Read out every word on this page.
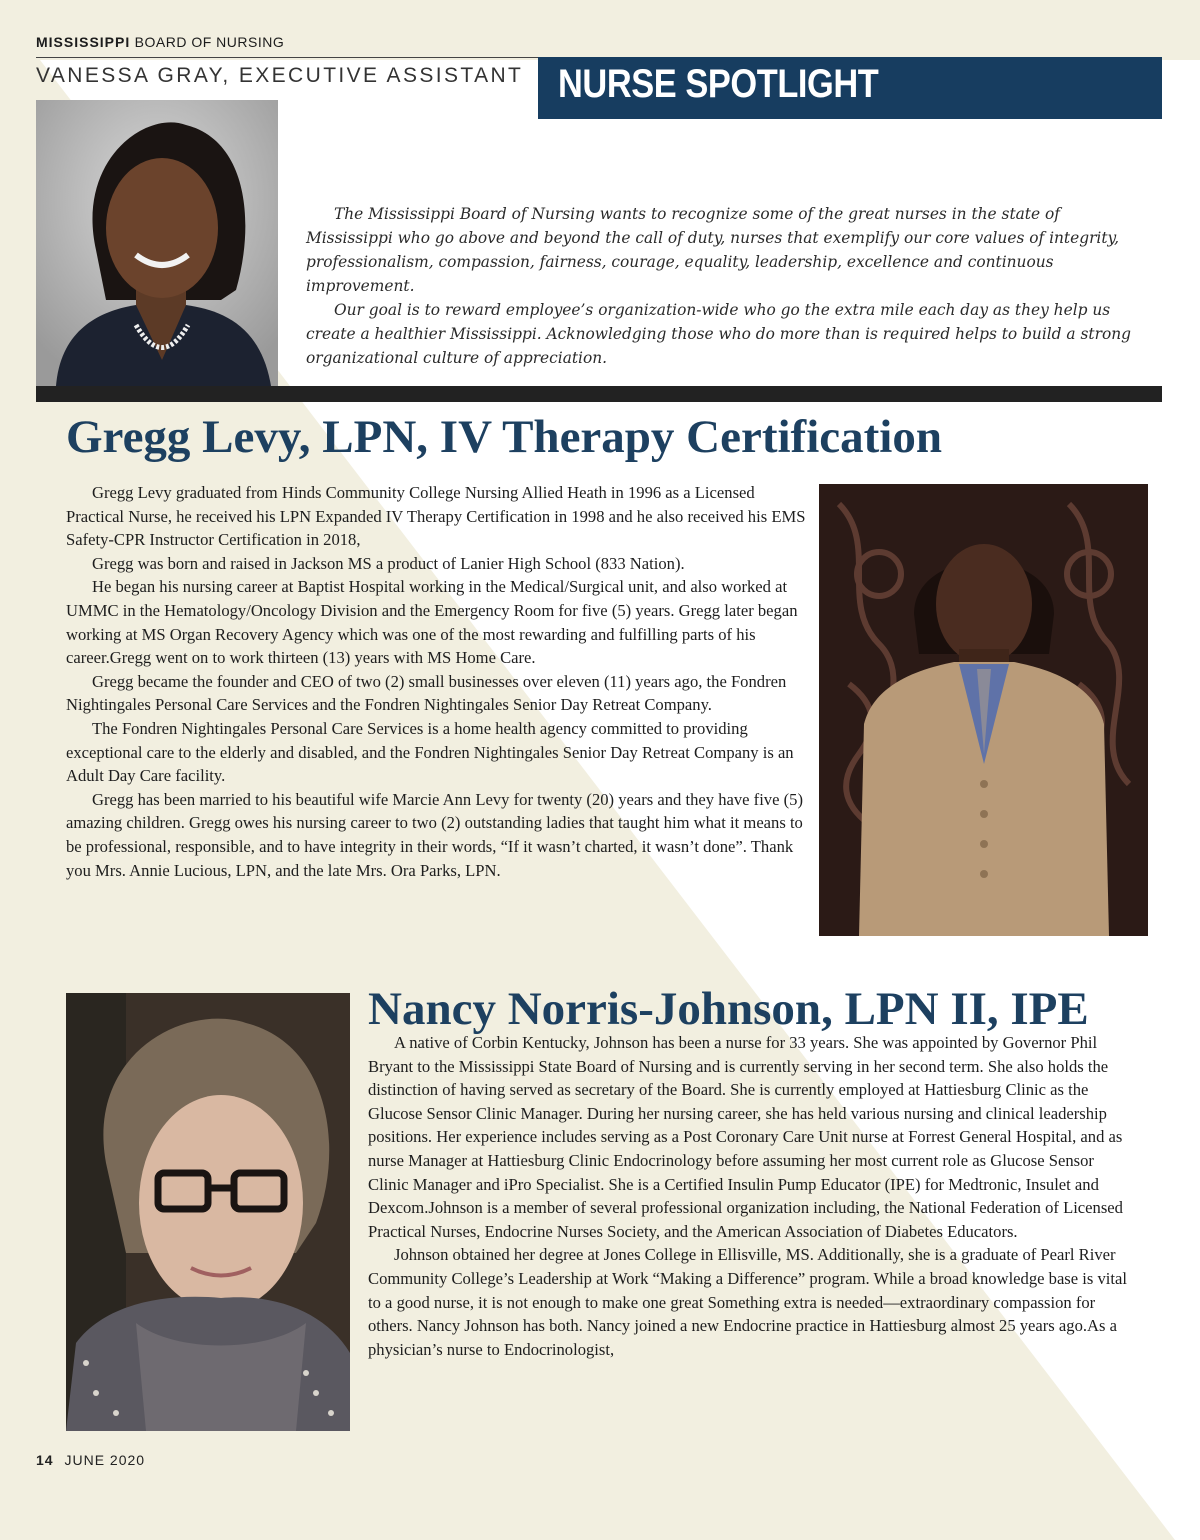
MISSISSIPPI BOARD OF NURSING
VANESSA GRAY, EXECUTIVE ASSISTANT NURSE SPOTLIGHT

The Mississippi Board of Nursing wants to recognize some of the great nurses in the state of Mississippi who go above and beyond the call of duty, nurses that exemplify our core values of integrity, professionalism, compassion, fairness, courage, equality, leadership, excellence and continuous improvement.

Our goal is to reward employee’s organization-wide who go the extra mile each day as they help us create a healthier Mississippi. Acknowledging those who do more than is required helps to build a strong organizational culture of appreciation.

Gregg Levy, LPN, IV Therapy Certification

Gregg Levy graduated from Hinds Community College Nursing Allied Heath in 1996 as a Licensed Practical Nurse, he received his LPN Expanded IV Therapy Certification in 1998 and he also received his EMS Safety-CPR Instructor Certification in 2018,

Gregg was born and raised in Jackson MS a product of Lanier High School (833 Nation).

He began his nursing career at Baptist Hospital working in the Medical/Surgical unit, and also worked at UMMC in the Hematology/Oncology Division and the Emergency Room for five (5) years. Gregg later began working at MS Organ Recovery Agency which was one of the most rewarding and fulfilling parts of his career.Gregg went on to work thirteen (13) years with MS Home Care.

Gregg became the founder and CEO of two (2) small businesses over eleven (11) years ago, the Fondren Nightingales Personal Care Services and the Fondren Nightingales Senior Day Retreat Company.

The Fondren Nightingales Personal Care Services is a home health agency committed to providing exceptional care to the elderly and disabled, and the Fondren Nightingales Senior Day Retreat Company is an Adult Day Care facility.

Gregg has been married to his beautiful wife Marcie Ann Levy for twenty (20) years and they have five (5) amazing children. Gregg owes his nursing career to two (2) outstanding ladies that taught him what it means to be professional, responsible, and to have integrity in their words, “If it wasn’t charted, it wasn’t done”. Thank you Mrs. Annie Lucious, LPN, and the late Mrs. Ora Parks, LPN.

Nancy Norris-Johnson, LPN II, IPE

A native of Corbin Kentucky, Johnson has been a nurse for 33 years. She was appointed by Governor Phil Bryant to the Mississippi State Board of Nursing and is currently serving in her second term. She also holds the distinction of having served as secretary of the Board. She is currently employed at Hattiesburg Clinic as the Glucose Sensor Clinic Manager. During her nursing career, she has held various nursing and clinical leadership positions. Her experience includes serving as a Post Coronary Care Unit nurse at Forrest General Hospital, and as nurse Manager at Hattiesburg Clinic Endocrinology before assuming her most current role as Glucose Sensor Clinic Manager and iPro Specialist. She is a Certified Insulin Pump Educator (IPE) for Medtronic, Insulet and Dexcom.Johnson is a member of several professional organization including, the National Federation of Licensed Practical Nurses, Endocrine Nurses Society, and the American Association of Diabetes Educators.

Johnson obtained her degree at Jones College in Ellisville, MS. Additionally, she is a graduate of Pearl River Community College’s Leadership at Work “Making a Difference” program. While a broad knowledge base is vital to a good nurse, it is not enough to make one great Something extra is needed—extraordinary compassion for others. Nancy Johnson has both. Nancy joined a new Endocrine practice in Hattiesburg almost 25 years ago.As a physician’s nurse to Endocrinologist,

14 JUNE 2020
